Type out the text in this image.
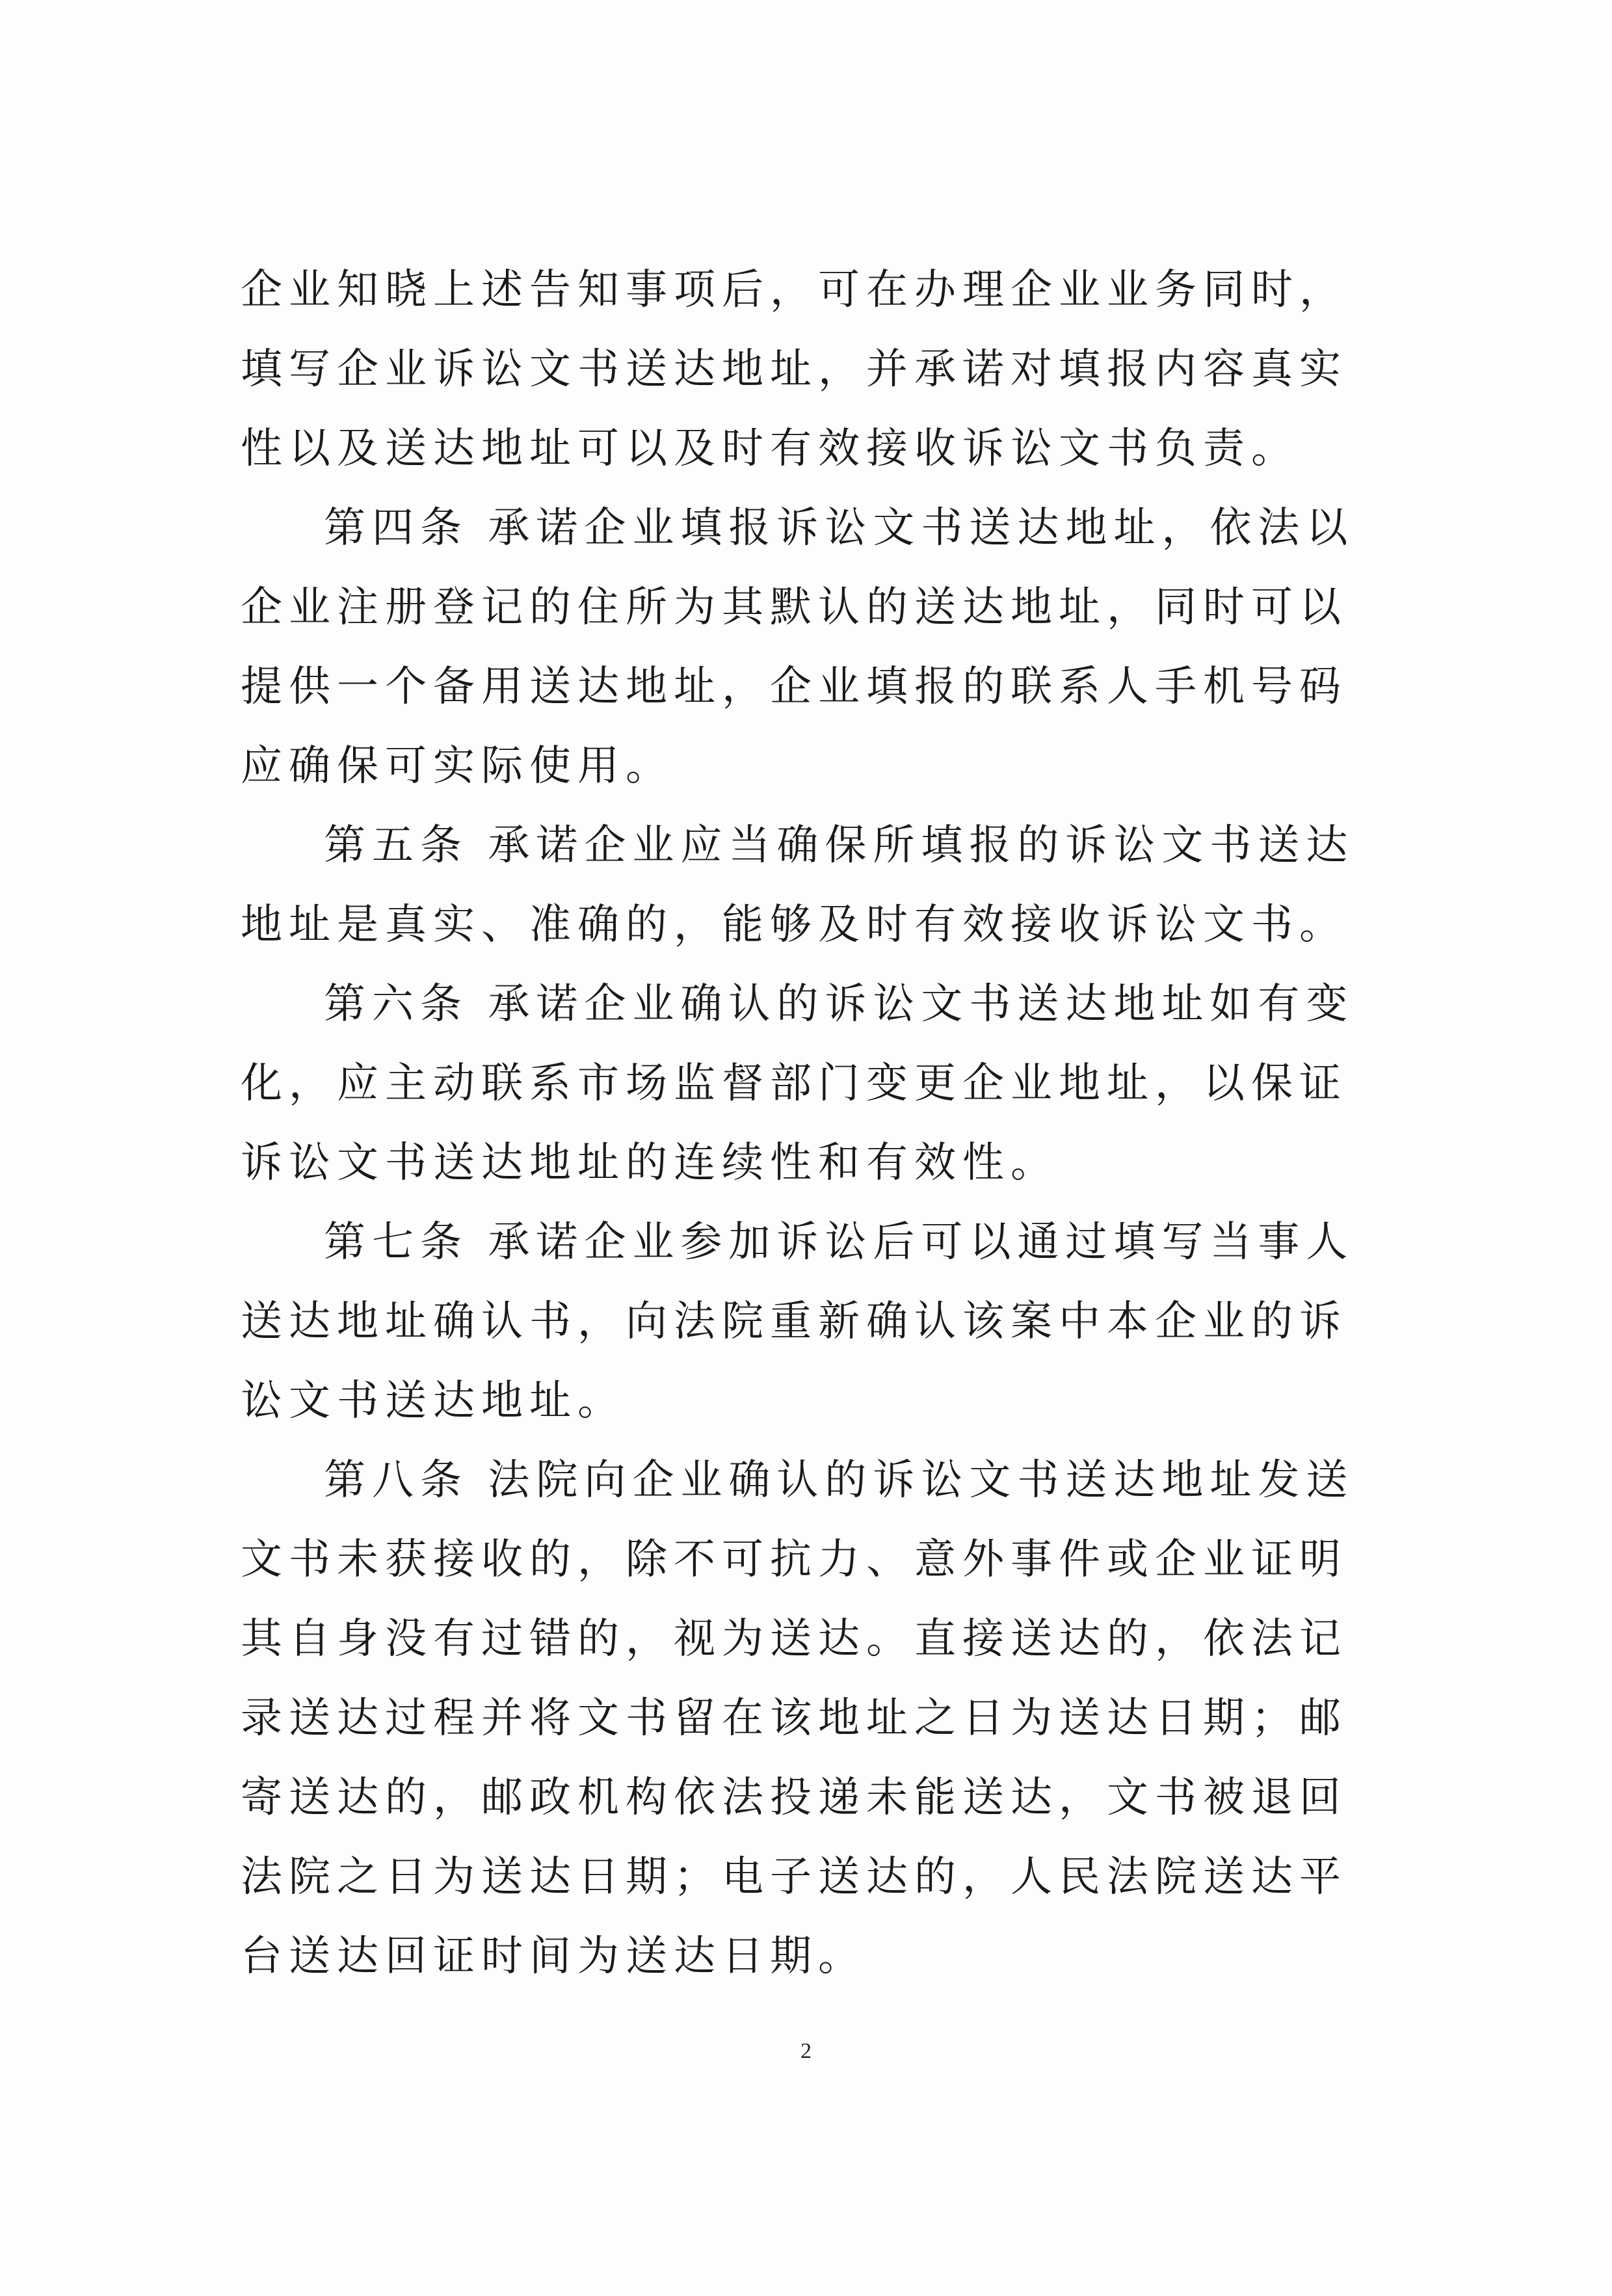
企业知晓上述告知事项后，可在办理企业业务同时，填写企业诉讼文书送达地址，并承诺对填报内容真实性以及送达地址可以及时有效接收诉讼文书负责。

第四条 承诺企业填报诉讼文书送达地址，依法以企业注册登记的住所为其默认的送达地址，同时可以提供一个备用送达地址，企业填报的联系人手机号码应确保可实际使用。

第五条 承诺企业应当确保所填报的诉讼文书送达地址是真实、准确的，能够及时有效接收诉讼文书。

第六条 承诺企业确认的诉讼文书送达地址如有变化，应主动联系市场监督部门变更企业地址，以保证诉讼文书送达地址的连续性和有效性。

第七条 承诺企业参加诉讼后可以通过填写当事人送达地址确认书，向法院重新确认该案中本企业的诉讼文书送达地址。

第八条 法院向企业确认的诉讼文书送达地址发送文书未获接收的，除不可抗力、意外事件或企业证明其自身没有过错的，视为送达。直接送达的，依法记录送达过程并将文书留在该地址之日为送达日期；邮寄送达的，邮政机构依法投递未能送达，文书被退回法院之日为送达日期；电子送达的，人民法院送达平台送达回证时间为送达日期。

2
